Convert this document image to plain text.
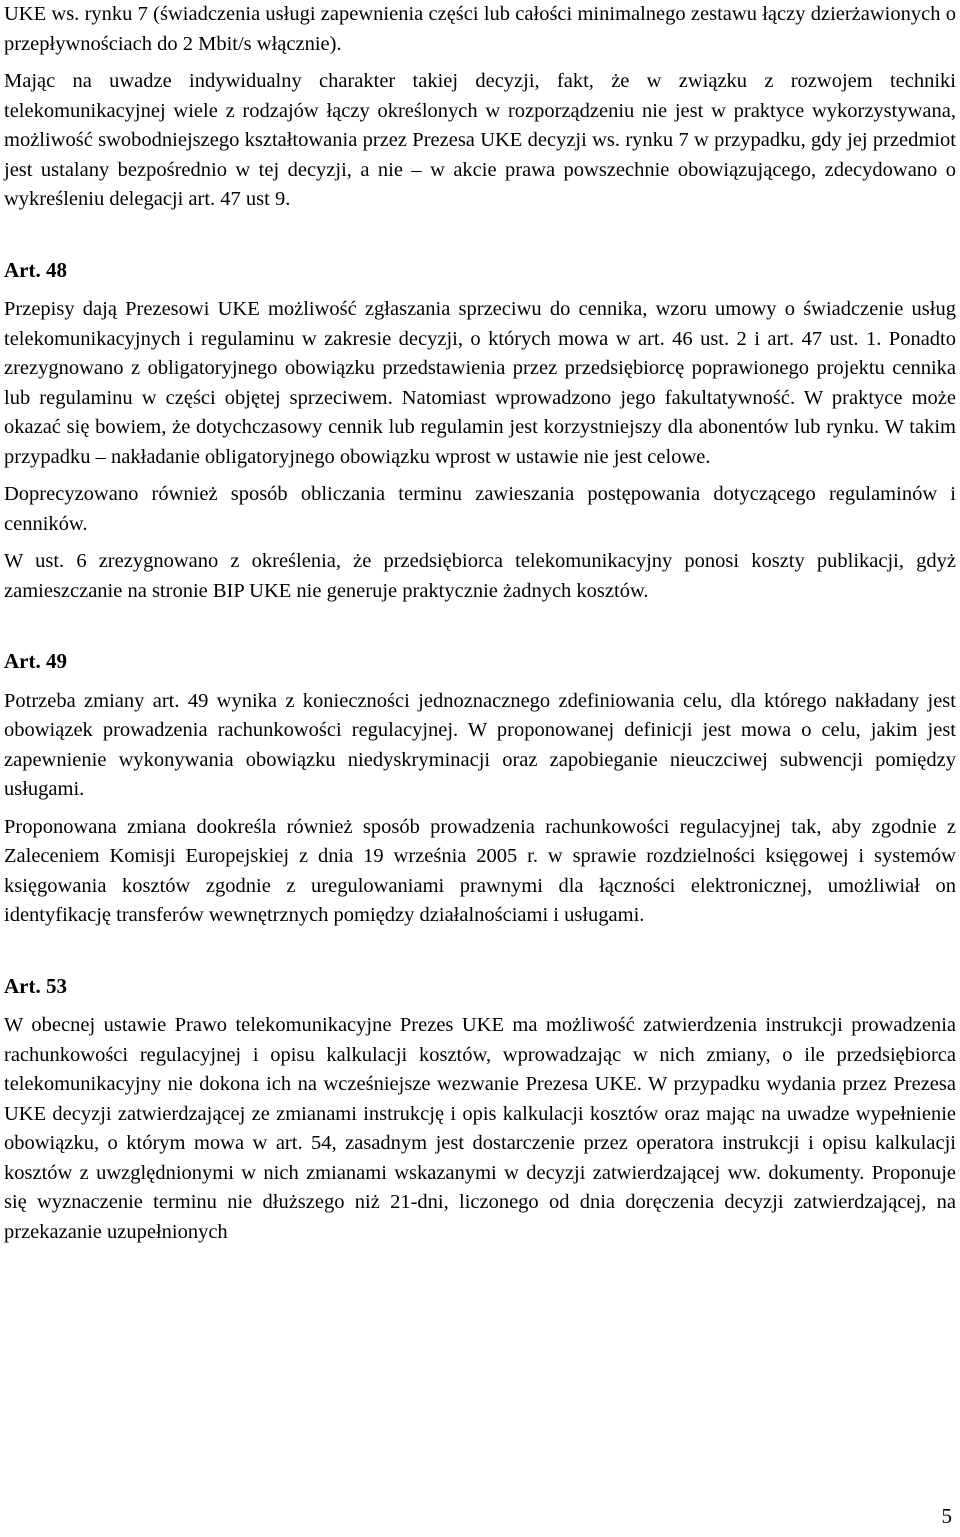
UKE ws. rynku 7 (świadczenia usługi zapewnienia części lub całości minimalnego zestawu łączy dzierżawionych o przepływnościach do 2 Mbit/s włącznie).

Mając na uwadze indywidualny charakter takiej decyzji, fakt, że w związku z rozwojem techniki telekomunikacyjnej wiele z rodzajów łączy określonych w rozporządzeniu nie jest w praktyce wykorzystywana, możliwość swobodniejszego kształtowania przez Prezesa UKE decyzji ws. rynku 7 w przypadku, gdy jej przedmiot jest ustalany bezpośrednio w tej decyzji, a nie – w akcie prawa powszechnie obowiązującego, zdecydowano o wykreśleniu delegacji art. 47 ust 9.

Art. 48

Przepisy dają Prezesowi UKE możliwość zgłaszania sprzeciwu do cennika, wzoru umowy o świadczenie usług telekomunikacyjnych i regulaminu w zakresie decyzji, o których mowa w art. 46 ust. 2 i art. 47 ust. 1. Ponadto zrezygnowano z obligatoryjnego obowiązku przedstawienia przez przedsiębiorcę poprawionego projektu cennika lub regulaminu w części objętej sprzeciwem. Natomiast wprowadzono jego fakultatywność. W praktyce może okazać się bowiem, że dotychczasowy cennik lub regulamin jest korzystniejszy dla abonentów lub rynku. W takim przypadku – nakładanie obligatoryjnego obowiązku wprost w ustawie nie jest celowe.

Doprecyzowano również sposób obliczania terminu zawieszania postępowania dotyczącego regulaminów i cenników.

W ust. 6 zrezygnowano z określenia, że przedsiębiorca telekomunikacyjny ponosi koszty publikacji, gdyż zamieszczanie na stronie BIP UKE nie generuje praktycznie żadnych kosztów.

Art. 49

Potrzeba zmiany art. 49 wynika z konieczności jednoznacznego zdefiniowania celu, dla którego nakładany jest obowiązek prowadzenia rachunkowości regulacyjnej. W proponowanej definicji jest mowa o celu, jakim jest zapewnienie wykonywania obowiązku niedyskryminacji oraz zapobieganie nieuczciwej subwencji pomiędzy usługami.

Proponowana zmiana dookreśla również sposób prowadzenia rachunkowości regulacyjnej tak, aby zgodnie z Zaleceniem Komisji Europejskiej z dnia 19 września 2005 r. w sprawie rozdzielności księgowej i systemów księgowania kosztów zgodnie z uregulowaniami prawnymi dla łączności elektronicznej, umożliwiał on identyfikację transferów wewnętrznych pomiędzy działalnościami i usługami.

Art. 53

W obecnej ustawie Prawo telekomunikacyjne Prezes UKE ma możliwość zatwierdzenia instrukcji prowadzenia rachunkowości regulacyjnej i opisu kalkulacji kosztów, wprowadzając w nich zmiany, o ile przedsiębiorca telekomunikacyjny nie dokona ich na wcześniejsze wezwanie Prezesa UKE. W przypadku wydania przez Prezesa UKE decyzji zatwierdzającej ze zmianami instrukcję i opis kalkulacji kosztów oraz mając na uwadze wypełnienie obowiązku, o którym mowa w art. 54, zasadnym jest dostarczenie przez operatora instrukcji i opisu kalkulacji kosztów z uwzględnionymi w nich zmianami wskazanymi w decyzji zatwierdzającej ww. dokumenty. Proponuje się wyznaczenie terminu nie dłuższego niż 21-dni, liczonego od dnia doręczenia decyzji zatwierdzającej, na przekazanie uzupełnionych

5
